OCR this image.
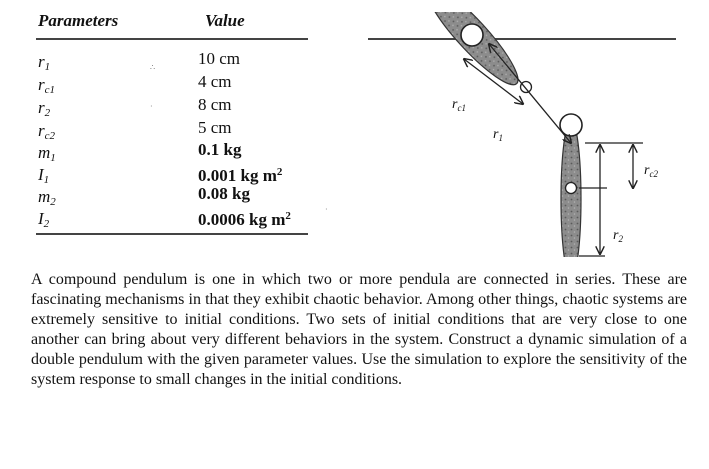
Parameters	Value
$r_1$	10 cm
$r_{c1}$	4 cm
$r_2$	8 cm
$r_{c2}$	5 cm
$m_1$	0.1 kg
$I_1$	0.001 kg $m^2$
$m_2$	0.08 kg
$I_2$	0.0006 kg $m^2$
∴
·
·
$r_{c1}$
$r_1$
$r_{c2}$
$r_2$

A compound pendulum is one in which two or more pendula are connected in series. These are fascinating mechanisms in that they exhibit chaotic behavior. Among other things, chaotic systems are extremely sensitive to initial conditions. Two sets of initial conditions that are very close to one another can bring about very different behaviors in the system. Construct a dynamic simulation of a double pendulum with the given parameter values. Use the simulation to explore the sensitivity of the system response to small changes in the initial conditions.
